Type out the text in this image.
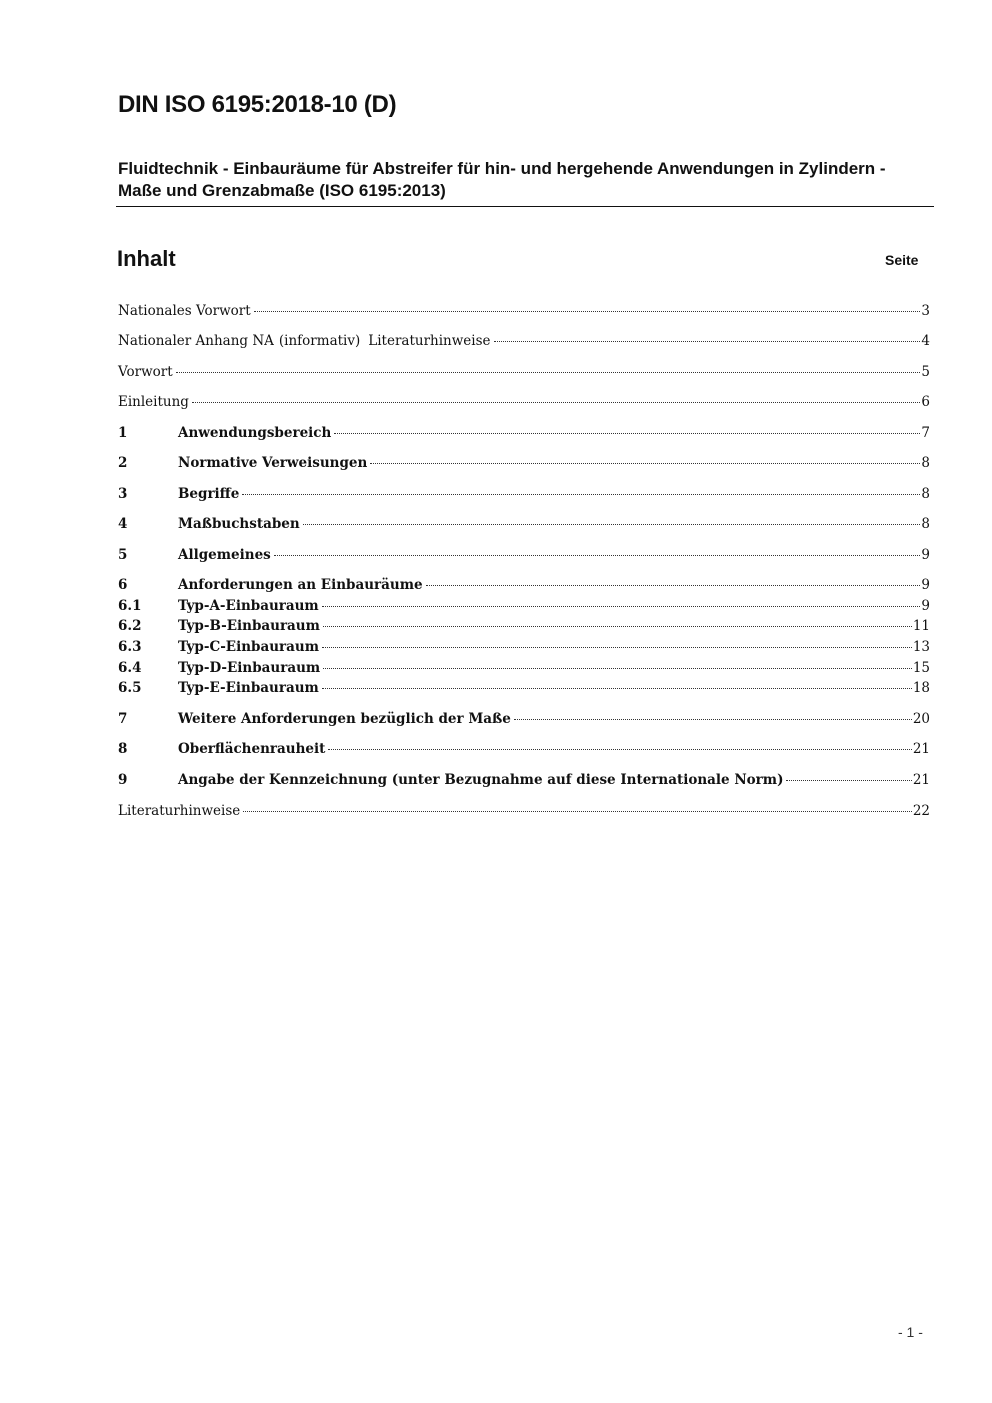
DIN ISO 6195:2018-10 (D)

Fluidtechnik - Einbauräume für Abstreifer für hin- und hergehende Anwendungen in Zylindern - Maße und Grenzabmaße (ISO 6195:2013)

Inhalt	Seite
Nationales Vorwort	3
Nationaler Anhang NA (informativ) Literaturhinweise	4
Vorwort	5
Einleitung	6
1	Anwendungsbereich	7
2	Normative Verweisungen	8
3	Begriffe	8
4	Maßbuchstaben	8
5	Allgemeines	9
6	Anforderungen an Einbauräume	9
6.1	Typ-A-Einbauraum	9
6.2	Typ-B-Einbauraum	11
6.3	Typ-C-Einbauraum	13
6.4	Typ-D-Einbauraum	15
6.5	Typ-E-Einbauraum	18
7	Weitere Anforderungen bezüglich der Maße	20
8	Oberflächenrauheit	21
9	Angabe der Kennzeichnung (unter Bezugnahme auf diese Internationale Norm)	21
Literaturhinweise	22
- 1 -
